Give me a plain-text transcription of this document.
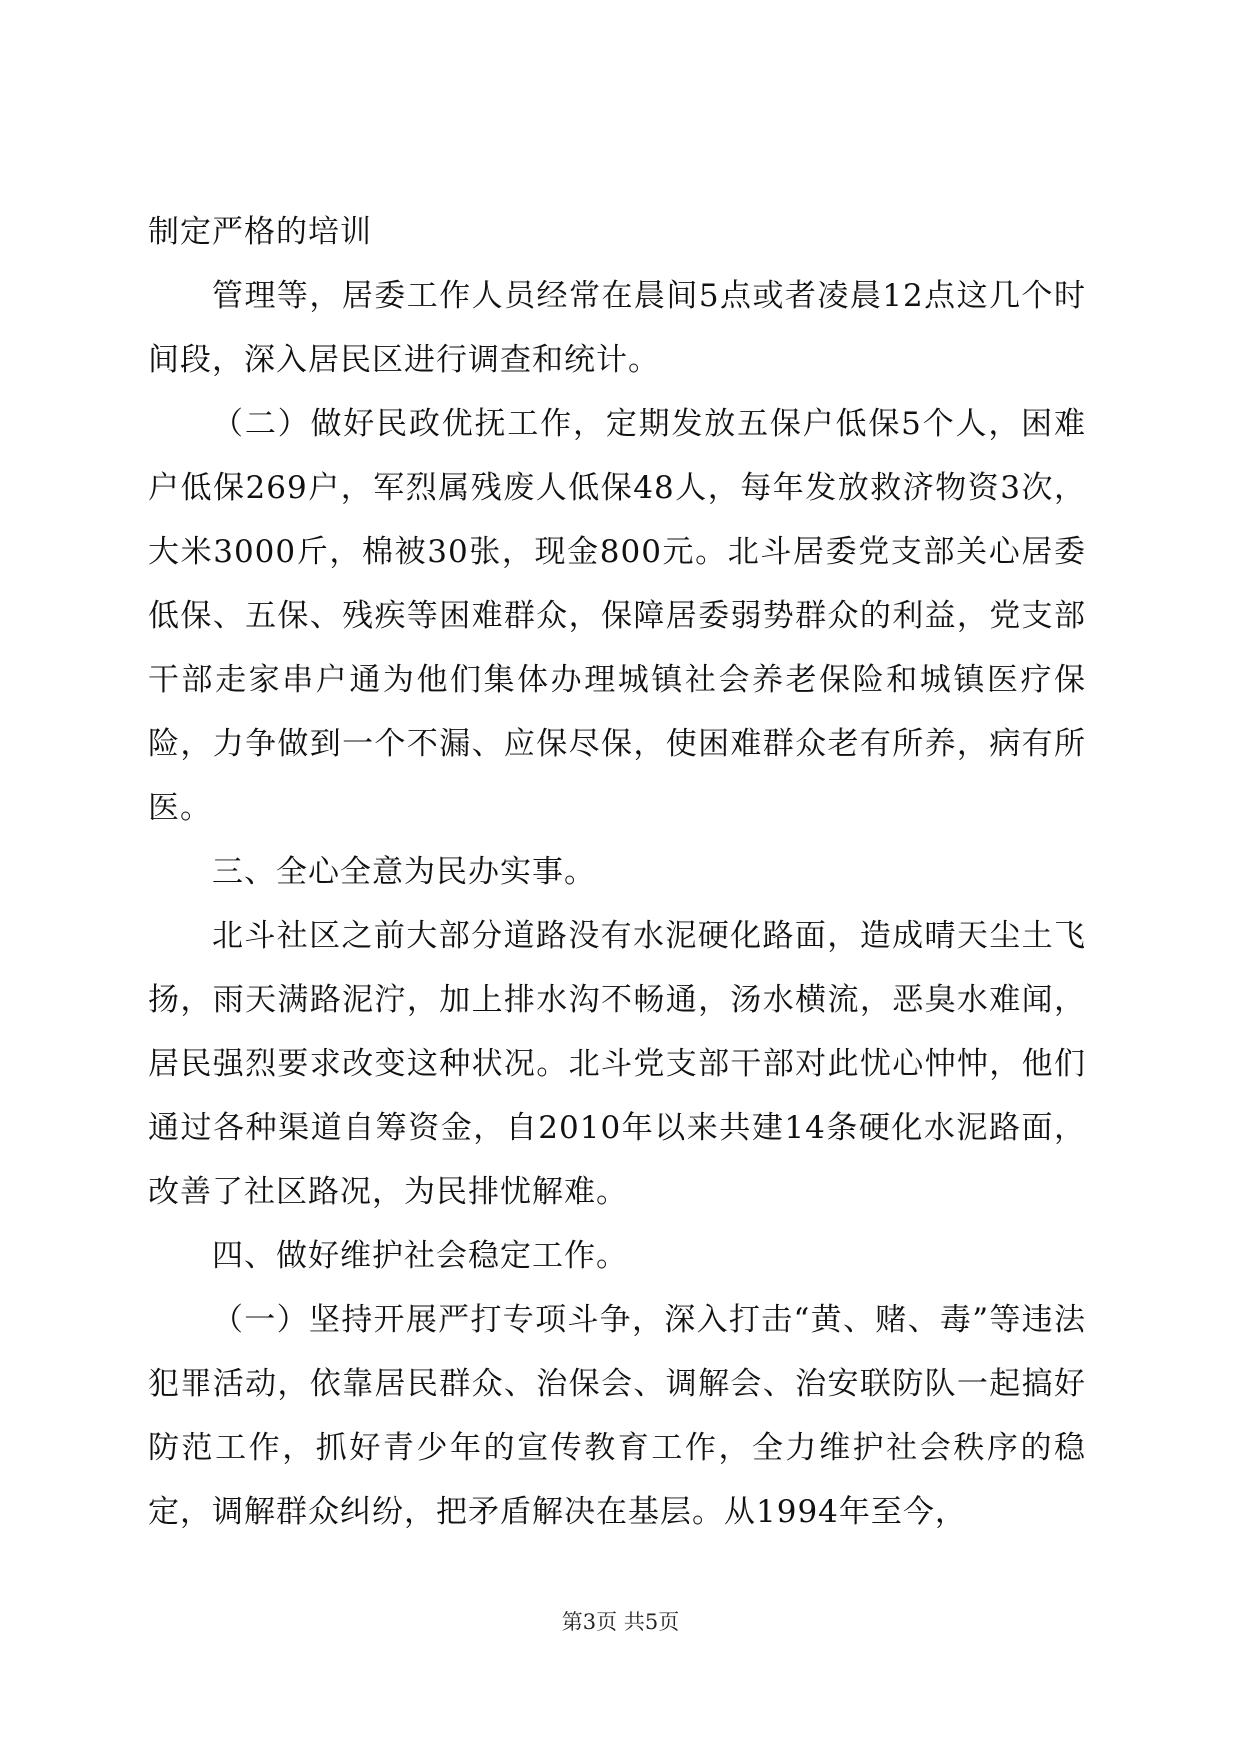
制定严格的培训

管理等，居委工作人员经常在晨间5点或者凌晨12点这几个时间段，深入居民区进行调查和统计。

（二）做好民政优抚工作，定期发放五保户低保5个人，困难户低保269户，军烈属残废人低保48人，每年发放救济物资3次，大米3000斤，棉被30张，现金800元。北斗居委党支部关心居委低保、五保、残疾等困难群众，保障居委弱势群众的利益，党支部干部走家串户通为他们集体办理城镇社会养老保险和城镇医疗保险，力争做到一个不漏、应保尽保，使困难群众老有所养，病有所医。

三、全心全意为民办实事。

北斗社区之前大部分道路没有水泥硬化路面，造成晴天尘土飞扬，雨天满路泥泞，加上排水沟不畅通，汤水横流，恶臭水难闻，居民强烈要求改变这种状况。北斗党支部干部对此忧心忡忡，他们通过各种渠道自筹资金，自2010年以来共建14条硬化水泥路面，改善了社区路况，为民排忧解难。

四、做好维护社会稳定工作。

（一）坚持开展严打专项斗争，深入打击“黄、赌、毒”等违法犯罪活动，依靠居民群众、治保会、调解会、治安联防队一起搞好防范工作，抓好青少年的宣传教育工作，全力维护社会秩序的稳定，调解群众纠纷，把矛盾解决在基层。从1994年至今，

第3页 共5页
